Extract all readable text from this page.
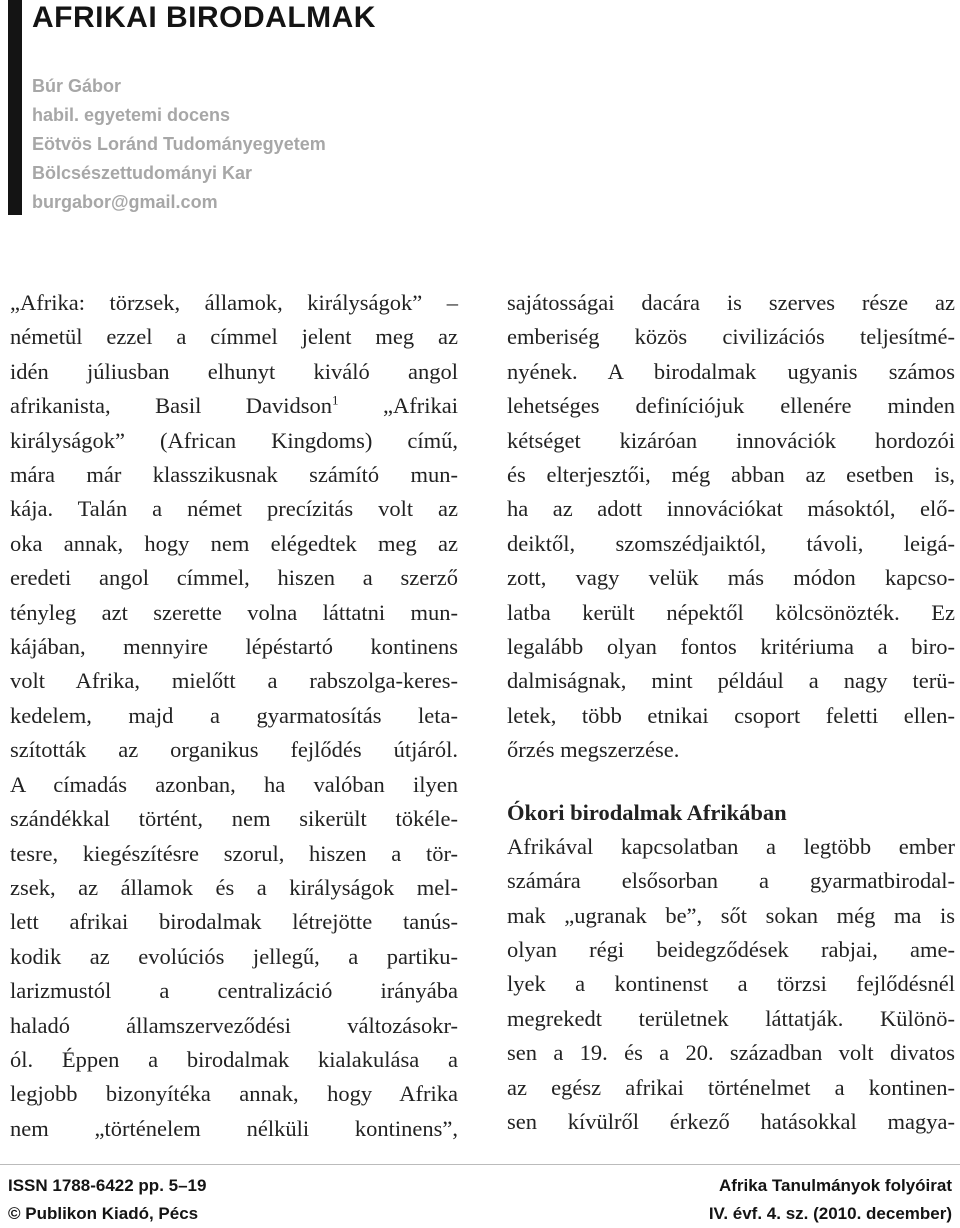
AFRIKAI BIRODALMAK
Búr Gábor
habil. egyetemi docens
Eötvös Loránd Tudományegyetem
Bölcsészettudományi Kar
burgabor@gmail.com

„Afrika: törzsek, államok, királyságok” –
németül ezzel a címmel jelent meg az
idén júliusban elhunyt kiváló angol
afrikanista, Basil Davidson$^1$ „Afrikai
királyságok” (African Kingdoms) című,
mára már klasszikusnak számító mun-
kája. Talán a német precízitás volt az
oka annak, hogy nem elégedtek meg az
eredeti angol címmel, hiszen a szerző
tényleg azt szerette volna láttatni mun-
kájában, mennyire lépéstartó kontinens
volt Afrika, mielőtt a rabszolga-keres-
kedelem, majd a gyarmatosítás leta-
szították az organikus fejlődés útjáról.
A címadás azonban, ha valóban ilyen
szándékkal történt, nem sikerült tökéle-
tesre, kiegészítésre szorul, hiszen a tör-
zsek, az államok és a királyságok mel-
lett afrikai birodalmak létrejötte tanús-
kodik az evolúciós jellegű, a partiku-
larizmustól a centralizáció irányába
haladó államszerveződési változásokr-
ól. Éppen a birodalmak kialakulása a
legjobb bizonyítéka annak, hogy Afrika
nem „történelem nélküli kontinens”,

sajátosságai dacára is szerves része az
emberiség közös civilizációs teljesítmé-
nyének. A birodalmak ugyanis számos
lehetséges definíciójuk ellenére minden
kétséget kizáróan innovációk hordozói
és elterjesztői, még abban az esetben is,
ha az adott innovációkat másoktól, elő-
deiktől, szomszédjaiktól, távoli, leigá-
zott, vagy velük más módon kapcso-
latba került népektől kölcsönözték. Ez
legalább olyan fontos kritériuma a biro-
dalmiságnak, mint például a nagy terü-
letek, több etnikai csoport feletti ellen-
őrzés megszerzése.

Ókori birodalmak Afrikában

Afrikával kapcsolatban a legtöbb ember
számára elsősorban a gyarmatbirodal-
mak „ugranak be”, sőt sokan még ma is
olyan régi beidegződések rabjai, ame-
lyek a kontinenst a törzsi fejlődésnél
megrekedt területnek láttatják. Különö-
sen a 19. és a 20. században volt divatos
az egész afrikai történelmet a kontinen-
sen kívülről érkező hatásokkal magya-

ISSN 1788-6422 pp. 5–19
© Publikon Kiadó, Pécs
Afrika Tanulmányok folyóirat
IV. évf. 4. sz. (2010. december)
